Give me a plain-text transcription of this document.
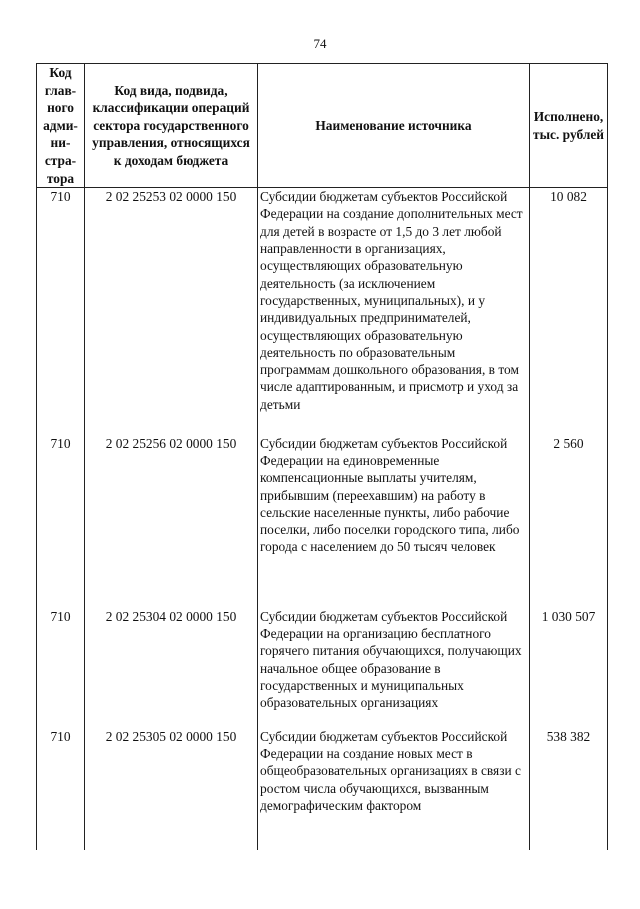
74
Код глав-ного адми-ни-стра-тора	Код вида, подвида, классификации операций сектора государственного управления, относящихся к доходам бюджета	Наименование источника	Исполнено, тыс. рублей
710	2 02 25253 02 0000 150	Субсидии бюджетам субъектов Российской Федерации на создание дополнительных мест для детей в возрасте от 1,5 до 3 лет любой направленности в организациях, осуществляющих образовательную деятельность (за исключением государственных, муниципальных), и у индивидуальных предпринимателей, осуществляющих образовательную деятельность по образовательным программам дошкольного образования, в том числе адаптированным, и присмотр и уход за детьми	10 082
710	2 02 25256 02 0000 150	Субсидии бюджетам субъектов Российской Федерации на единовременные компенсационные выплаты учителям, прибывшим (переехавшим) на работу в сельские населенные пункты, либо рабочие поселки, либо поселки городского типа, либо города с населением до 50 тысяч человек	2 560
710	2 02 25304 02 0000 150	Субсидии бюджетам субъектов Российской Федерации на организацию бесплатного горячего питания обучающихся, получающих начальное общее образование в государственных и муниципальных образовательных организациях	1 030 507
710	2 02 25305 02 0000 150	Субсидии бюджетам субъектов Российской Федерации на создание новых мест в общеобразовательных организациях в связи с ростом числа обучающихся, вызванным демографическим фактором	538 382
